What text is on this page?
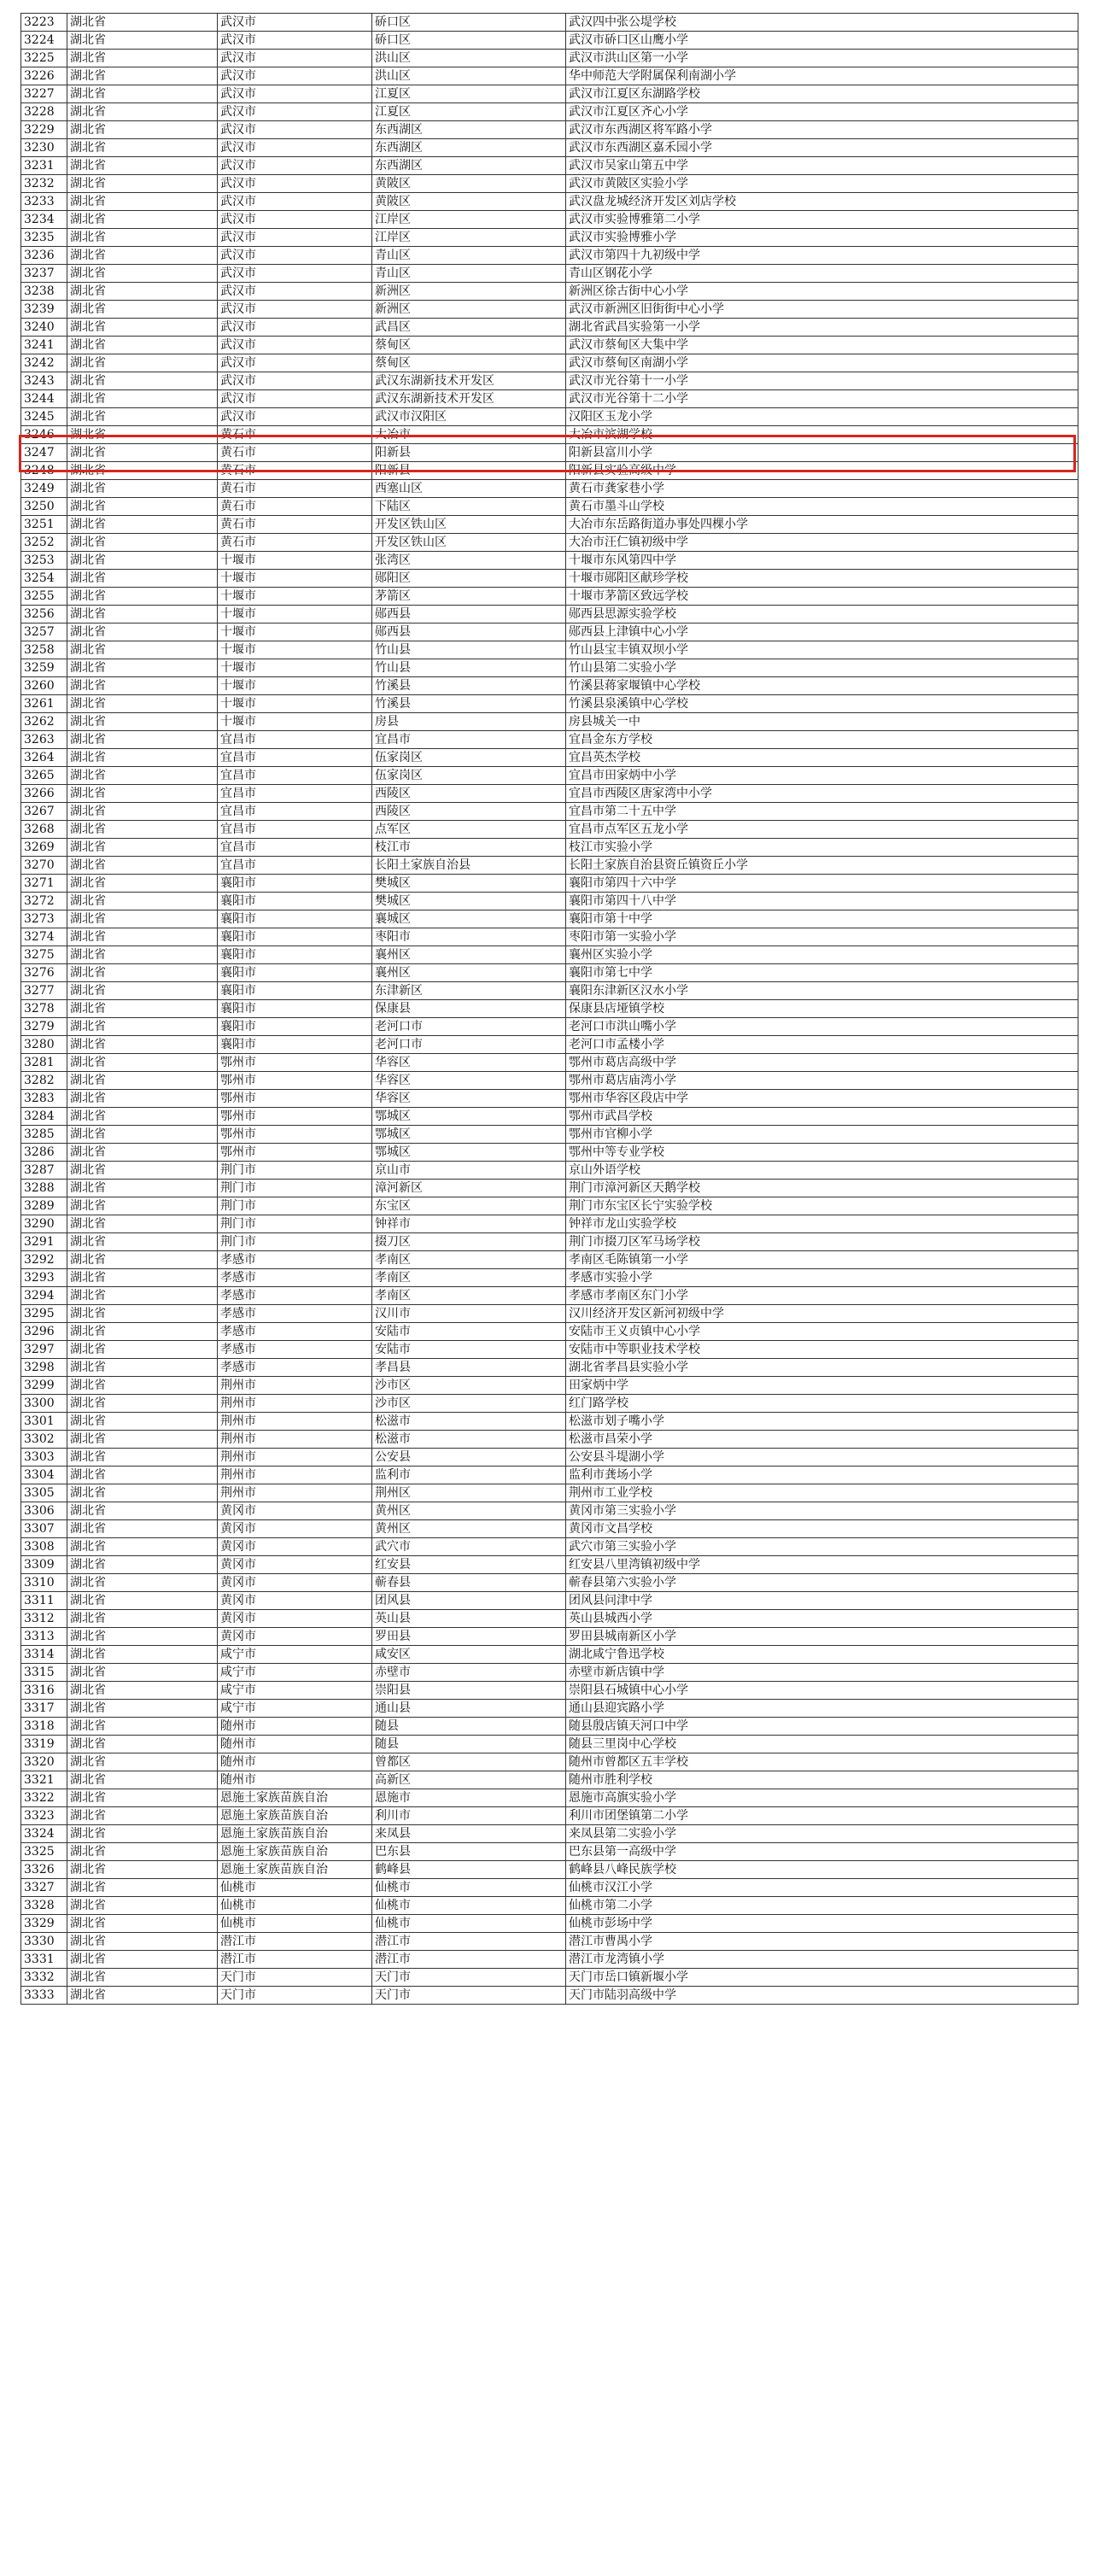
3223	湖北省	武汉市	硚口区	武汉四中张公堤学校
3224	湖北省	武汉市	硚口区	武汉市硚口区山鹰小学
3225	湖北省	武汉市	洪山区	武汉市洪山区第一小学
3226	湖北省	武汉市	洪山区	华中师范大学附属保利南湖小学
3227	湖北省	武汉市	江夏区	武汉市江夏区东湖路学校
3228	湖北省	武汉市	江夏区	武汉市江夏区齐心小学
3229	湖北省	武汉市	东西湖区	武汉市东西湖区将军路小学
3230	湖北省	武汉市	东西湖区	武汉市东西湖区嘉禾园小学
3231	湖北省	武汉市	东西湖区	武汉市吴家山第五中学
3232	湖北省	武汉市	黄陂区	武汉市黄陂区实验小学
3233	湖北省	武汉市	黄陂区	武汉盘龙城经济开发区刘店学校
3234	湖北省	武汉市	江岸区	武汉市实验博雅第二小学
3235	湖北省	武汉市	江岸区	武汉市实验博雅小学
3236	湖北省	武汉市	青山区	武汉市第四十九初级中学
3237	湖北省	武汉市	青山区	青山区钢花小学
3238	湖北省	武汉市	新洲区	新洲区徐古街中心小学
3239	湖北省	武汉市	新洲区	武汉市新洲区旧街街中心小学
3240	湖北省	武汉市	武昌区	湖北省武昌实验第一小学
3241	湖北省	武汉市	蔡甸区	武汉市蔡甸区大集中学
3242	湖北省	武汉市	蔡甸区	武汉市蔡甸区南湖小学
3243	湖北省	武汉市	武汉东湖新技术开发区	武汉市光谷第十一小学
3244	湖北省	武汉市	武汉东湖新技术开发区	武汉市光谷第十二小学
3245	湖北省	武汉市	武汉市汉阳区	汉阳区玉龙小学
3246	湖北省	黄石市	大冶市	大冶市滨湖学校
3247	湖北省	黄石市	阳新县	阳新县富川小学
3248	湖北省	黄石市	阳新县	阳新县实验高级中学
3249	湖北省	黄石市	西塞山区	黄石市龚家巷小学
3250	湖北省	黄石市	下陆区	黄石市墨斗山学校
3251	湖北省	黄石市	开发区铁山区	大冶市东岳路街道办事处四棵小学
3252	湖北省	黄石市	开发区铁山区	大冶市汪仁镇初级中学
3253	湖北省	十堰市	张湾区	十堰市东风第四中学
3254	湖北省	十堰市	郧阳区	十堰市郧阳区献珍学校
3255	湖北省	十堰市	茅箭区	十堰市茅箭区致远学校
3256	湖北省	十堰市	郧西县	郧西县思源实验学校
3257	湖北省	十堰市	郧西县	郧西县上津镇中心小学
3258	湖北省	十堰市	竹山县	竹山县宝丰镇双坝小学
3259	湖北省	十堰市	竹山县	竹山县第二实验小学
3260	湖北省	十堰市	竹溪县	竹溪县蒋家堰镇中心学校
3261	湖北省	十堰市	竹溪县	竹溪县泉溪镇中心学校
3262	湖北省	十堰市	房县	房县城关一中
3263	湖北省	宜昌市	宜昌市	宜昌金东方学校
3264	湖北省	宜昌市	伍家岗区	宜昌英杰学校
3265	湖北省	宜昌市	伍家岗区	宜昌市田家炳中小学
3266	湖北省	宜昌市	西陵区	宜昌市西陵区唐家湾中小学
3267	湖北省	宜昌市	西陵区	宜昌市第二十五中学
3268	湖北省	宜昌市	点军区	宜昌市点军区五龙小学
3269	湖北省	宜昌市	枝江市	枝江市实验小学
3270	湖北省	宜昌市	长阳土家族自治县	长阳土家族自治县资丘镇资丘小学
3271	湖北省	襄阳市	樊城区	襄阳市第四十六中学
3272	湖北省	襄阳市	樊城区	襄阳市第四十八中学
3273	湖北省	襄阳市	襄城区	襄阳市第十中学
3274	湖北省	襄阳市	枣阳市	枣阳市第一实验小学
3275	湖北省	襄阳市	襄州区	襄州区实验小学
3276	湖北省	襄阳市	襄州区	襄阳市第七中学
3277	湖北省	襄阳市	东津新区	襄阳东津新区汉水小学
3278	湖北省	襄阳市	保康县	保康县店垭镇学校
3279	湖北省	襄阳市	老河口市	老河口市洪山嘴小学
3280	湖北省	襄阳市	老河口市	老河口市孟楼小学
3281	湖北省	鄂州市	华容区	鄂州市葛店高级中学
3282	湖北省	鄂州市	华容区	鄂州市葛店庙湾小学
3283	湖北省	鄂州市	华容区	鄂州市华容区段店中学
3284	湖北省	鄂州市	鄂城区	鄂州市武昌学校
3285	湖北省	鄂州市	鄂城区	鄂州市官柳小学
3286	湖北省	鄂州市	鄂城区	鄂州中等专业学校
3287	湖北省	荆门市	京山市	京山外语学校
3288	湖北省	荆门市	漳河新区	荆门市漳河新区天鹅学校
3289	湖北省	荆门市	东宝区	荆门市东宝区长宁实验学校
3290	湖北省	荆门市	钟祥市	钟祥市龙山实验学校
3291	湖北省	荆门市	掇刀区	荆门市掇刀区军马场学校
3292	湖北省	孝感市	孝南区	孝南区毛陈镇第一小学
3293	湖北省	孝感市	孝南区	孝感市实验小学
3294	湖北省	孝感市	孝南区	孝感市孝南区东门小学
3295	湖北省	孝感市	汉川市	汉川经济开发区新河初级中学
3296	湖北省	孝感市	安陆市	安陆市王义贞镇中心小学
3297	湖北省	孝感市	安陆市	安陆市中等职业技术学校
3298	湖北省	孝感市	孝昌县	湖北省孝昌县实验小学
3299	湖北省	荆州市	沙市区	田家炳中学
3300	湖北省	荆州市	沙市区	红门路学校
3301	湖北省	荆州市	松滋市	松滋市划子嘴小学
3302	湖北省	荆州市	松滋市	松滋市昌荣小学
3303	湖北省	荆州市	公安县	公安县斗堤湖小学
3304	湖北省	荆州市	监利市	监利市龚场小学
3305	湖北省	荆州市	荆州区	荆州市工业学校
3306	湖北省	黄冈市	黄州区	黄冈市第三实验小学
3307	湖北省	黄冈市	黄州区	黄冈市文昌学校
3308	湖北省	黄冈市	武穴市	武穴市第三实验小学
3309	湖北省	黄冈市	红安县	红安县八里湾镇初级中学
3310	湖北省	黄冈市	蕲春县	蕲春县第六实验小学
3311	湖北省	黄冈市	团风县	团风县问津中学
3312	湖北省	黄冈市	英山县	英山县城西小学
3313	湖北省	黄冈市	罗田县	罗田县城南新区小学
3314	湖北省	咸宁市	咸安区	湖北咸宁鲁迅学校
3315	湖北省	咸宁市	赤壁市	赤壁市新店镇中学
3316	湖北省	咸宁市	崇阳县	崇阳县石城镇中心小学
3317	湖北省	咸宁市	通山县	通山县迎宾路小学
3318	湖北省	随州市	随县	随县殷店镇天河口中学
3319	湖北省	随州市	随县	随县三里岗中心学校
3320	湖北省	随州市	曾都区	随州市曾都区五丰学校
3321	湖北省	随州市	高新区	随州市胜利学校
3322	湖北省	恩施土家族苗族自治	恩施市	恩施市高旗实验小学
3323	湖北省	恩施土家族苗族自治	利川市	利川市团堡镇第二小学
3324	湖北省	恩施土家族苗族自治	来凤县	来凤县第二实验小学
3325	湖北省	恩施土家族苗族自治	巴东县	巴东县第一高级中学
3326	湖北省	恩施土家族苗族自治	鹤峰县	鹤峰县八峰民族学校
3327	湖北省	仙桃市	仙桃市	仙桃市汉江小学
3328	湖北省	仙桃市	仙桃市	仙桃市第二小学
3329	湖北省	仙桃市	仙桃市	仙桃市彭场中学
3330	湖北省	潜江市	潜江市	潜江市曹禺小学
3331	湖北省	潜江市	潜江市	潜江市龙湾镇小学
3332	湖北省	天门市	天门市	天门市岳口镇新堰小学
3333	湖北省	天门市	天门市	天门市陆羽高级中学
